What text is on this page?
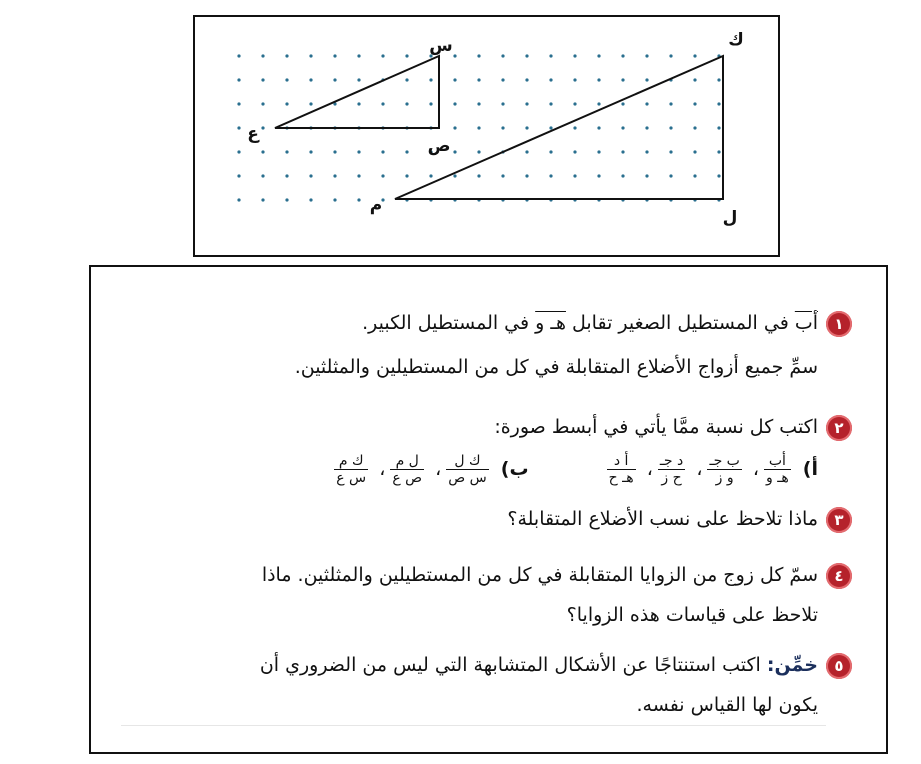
س
ص
ع
ك
ل
م
١أب في المستطيل الصغير تقابل هـ و في المستطيل الكبير.
سمِّ جميع أزواج الأضلاع المتقابلة في كل من المستطيلين والمثلثين.
٢اكتب كل نسبة ممَّا يأتي في أبسط صورة:
أ)
$\frac{\text{أب}}{\text{هـ و}}$
،
$\frac{\text{ب جـ}}{\text{و ز}}$
،
$\frac{\text{د جـ}}{\text{ح ز}}$
،
$\frac{\text{أ د}}{\text{هـ ح}}$
ب)
$\frac{\text{ك ل}}{\text{س ص}}$
،
$\frac{\text{ل م}}{\text{ص ع}}$
،
$\frac{\text{ك م}}{\text{س ع}}$
٣ماذا تلاحظ على نسب الأضلاع المتقابلة؟
٤سمّ كل زوج من الزوايا المتقابلة في كل من المستطيلين والمثلثين. ماذا
تلاحظ على قياسات هذه الزوايا؟
٥خمِّن: اكتب استنتاجًا عن الأشكال المتشابهة التي ليس من الضروري أن
يكون لها القياس نفسه.
